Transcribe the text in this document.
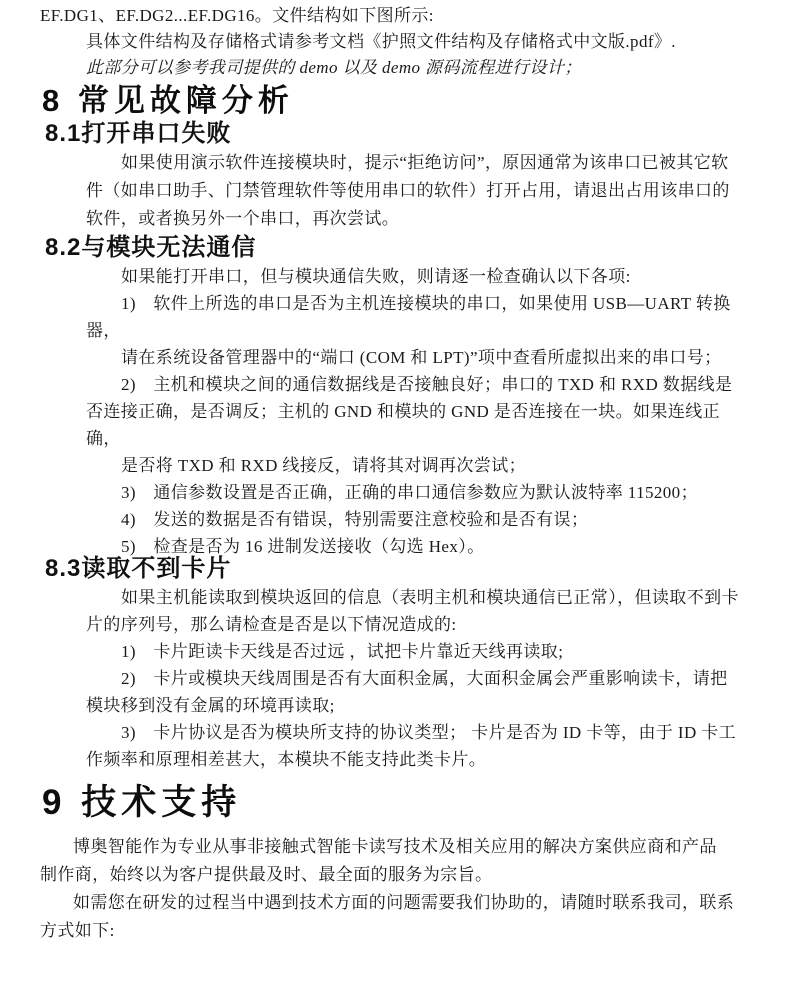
EF.DG1、EF.DG2...EF.DG16。文件结构如下图所示:
具体文件结构及存储格式请参考文档《护照文件结构及存储格式中文版.pdf》.
此部分可以参考我司提供的 demo 以及 demo 源码流程进行设计；
8 常见故障分析
8.1打开串口失败
如果使用演示软件连接模块时，提示“拒绝访问”，原因通常为该串口已被其它软
件（如串口助手、门禁管理软件等使用串口的软件）打开占用，请退出占用该串口的
软件，或者换另外一个串口，再次尝试。
8.2与模块无法通信
如果能打开串口，但与模块通信失败，则请逐一检查确认以下各项:
1)　软件上所选的串口是否为主机连接模块的串口，如果使用 USB—UART 转换
器，
请在系统设备管理器中的“端口 (COM 和 LPT)”项中查看所虚拟出来的串口号；
2)　主机和模块之间的通信数据线是否接触良好；串口的 TXD 和 RXD 数据线是
否连接正确，是否调反；主机的 GND 和模块的 GND 是否连接在一块。如果连线正
确，
是否将 TXD 和 RXD 线接反，请将其对调再次尝试；
3)　通信参数设置是否正确，正确的串口通信参数应为默认波特率 115200；
4)　发送的数据是否有错误，特别需要注意校验和是否有误；
5)　检查是否为 16 进制发送接收（勾选 Hex）。
8.3读取不到卡片
如果主机能读取到模块返回的信息（表明主机和模块通信已正常），但读取不到卡
片的序列号，那么请检查是否是以下情况造成的:
1)　卡片距读卡天线是否过远 ，试把卡片靠近天线再读取;
2)　卡片或模块天线周围是否有大面积金属，大面积金属会严重影响读卡，请把
模块移到没有金属的环境再读取;
3)　卡片协议是否为模块所支持的协议类型； 卡片是否为 ID 卡等，由于 ID 卡工
作频率和原理相差甚大，本模块不能支持此类卡片。
9 技术支持
博奥智能作为专业从事非接触式智能卡读写技术及相关应用的解决方案供应商和产品
制作商，始终以为客户提供最及时、最全面的服务为宗旨。
如需您在研发的过程当中遇到技术方面的问题需要我们协助的，请随时联系我司，联系
方式如下:
